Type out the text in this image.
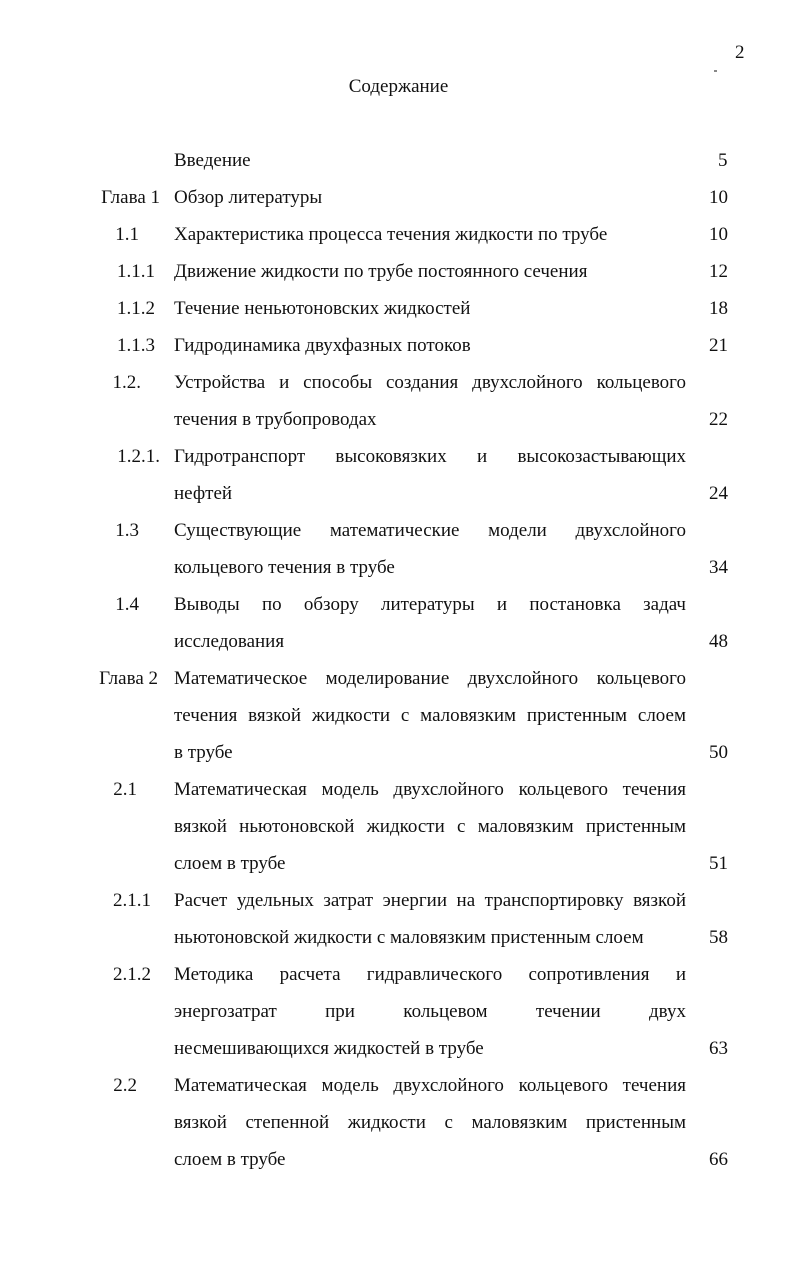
2
Содержание
Введение	5
Глава 1 Обзор литературы	10
1.1 Характеристика процесса течения жидкости по трубе	10
1.1.1 Движение жидкости по трубе постоянного сечения	12
1.1.2 Течение неньютоновских жидкостей	18
1.1.3 Гидродинамика двухфазных потоков	21
1.2. Устройства и способы создания двухслойного кольцевого
течения в трубопроводах	22
1.2.1. Гидротранспорт высоковязких и высокозастывающих
нефтей	24
1.3 Существующие математические модели двухслойного
кольцевого течения в трубе	34
1.4 Выводы по обзору литературы и постановка задач
исследования	48
Глава 2 Математическое моделирование двухслойного кольцевого
течения вязкой жидкости с маловязким пристенным слоем
в трубе	50
2.1 Математическая модель двухслойного кольцевого течения
вязкой ньютоновской жидкости с маловязким пристенным
слоем в трубе	51
2.1.1 Расчет удельных затрат энергии на транспортировку вязкой
ньютоновской жидкости с маловязким пристенным слоем	58
2.1.2 Методика расчета гидравлического сопротивления и
энергозатрат при кольцевом течении двух
несмешивающихся жидкостей в трубе	63
2.2 Математическая модель двухслойного кольцевого течения
вязкой степенной жидкости с маловязким пристенным
слоем в трубе	66
